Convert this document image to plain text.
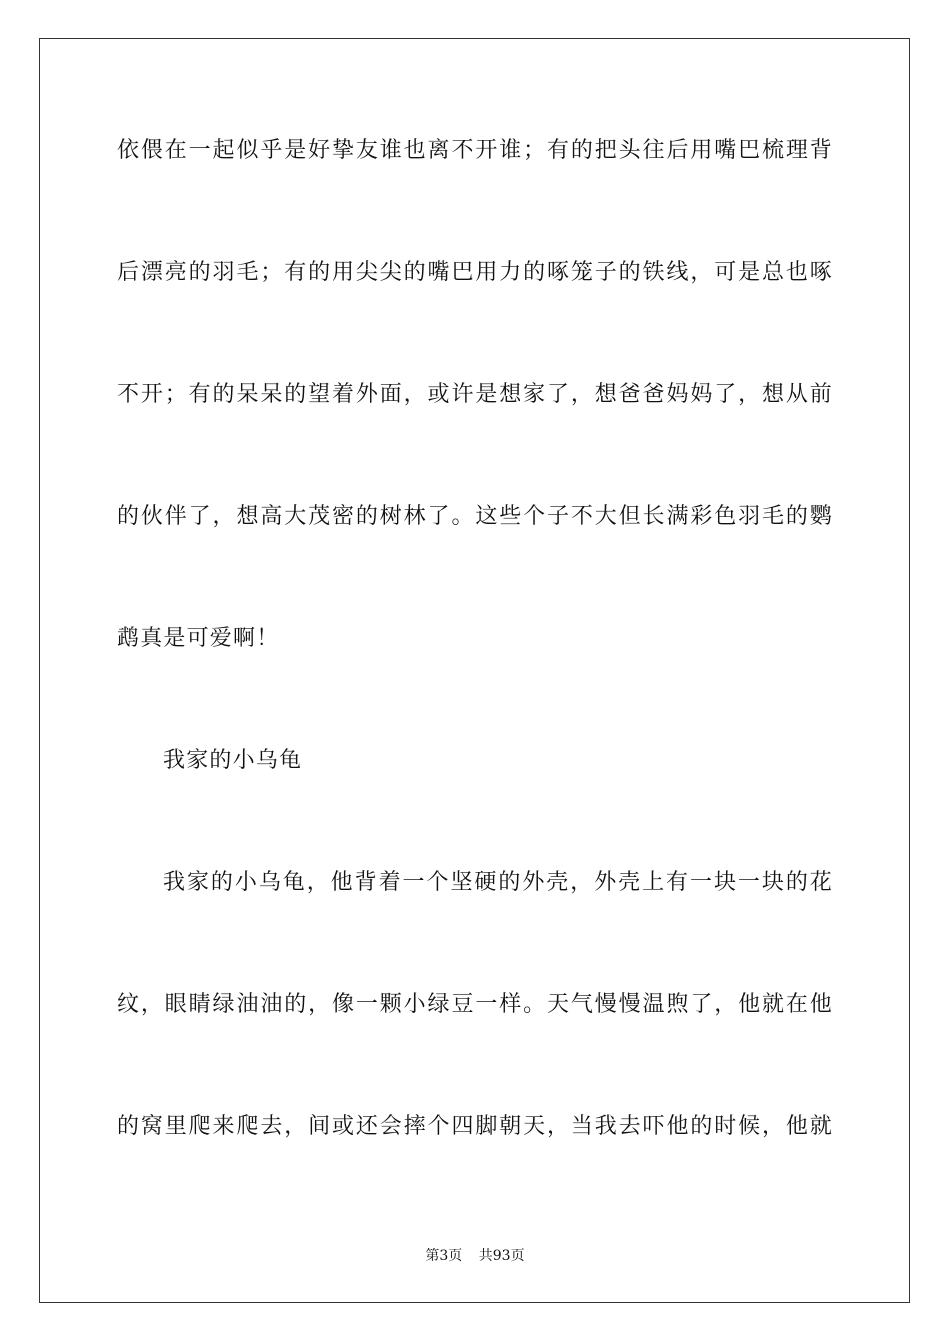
依偎在一起似乎是好挚友谁也离不开谁；有的把头往后用嘴巴梳理背
后漂亮的羽毛；有的用尖尖的嘴巴用力的啄笼子的铁线，可是总也啄
不开；有的呆呆的望着外面，或许是想家了，想爸爸妈妈了，想从前
的伙伴了，想高大茂密的树林了。这些个子不大但长满彩色羽毛的鹦
鹉真是可爱啊！
我家的小乌龟
我家的小乌龟，他背着一个坚硬的外壳，外壳上有一块一块的花
纹，眼睛绿油油的，像一颗小绿豆一样。天气慢慢温煦了，他就在他
的窝里爬来爬去，间或还会摔个四脚朝天，当我去吓他的时候，他就
第3页 共93页
